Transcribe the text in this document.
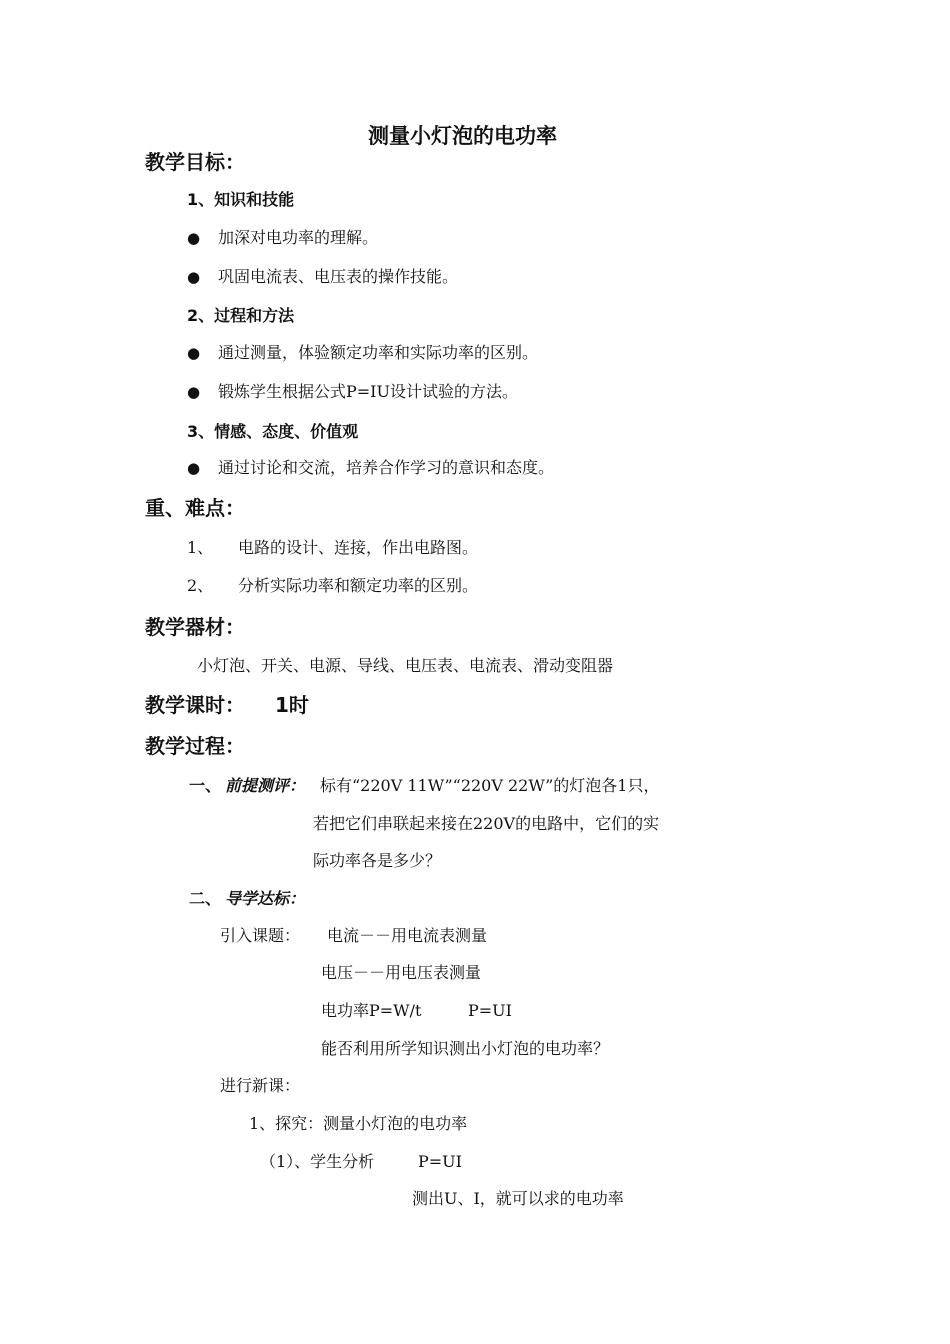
测量小灯泡的电功率
教学目标：
1、知识和技能
● 加深对电功率的理解。
● 巩固电流表、电压表的操作技能。
2、过程和方法
● 通过测量，体验额定功率和实际功率的区别。
● 锻炼学生根据公式P=IU设计试验的方法。
3、情感、态度、价值观
● 通过讨论和交流，培养合作学习的意识和态度。
重、难点：
1、 电路的设计、连接，作出电路图。
2、 分析实际功率和额定功率的区别。
教学器材：
小灯泡、开关、电源、导线、电压表、电流表、滑动变阻器
教学课时： 1时
教学过程：
一、 前提测评： 标有“220V 11W”“220V 22W”的灯泡各1只，
若把它们串联起来接在220V的电路中，它们的实
际功率各是多少？
二、 导学达标：
引入课题： 电流－－用电流表测量
电压－－用电压表测量
电功率P=W/t	P=UI
能否利用所学知识测出小灯泡的电功率？
进行新课：
1、探究：测量小灯泡的电功率
（1）、学生分析	P=UI
测出U、I，就可以求的电功率
